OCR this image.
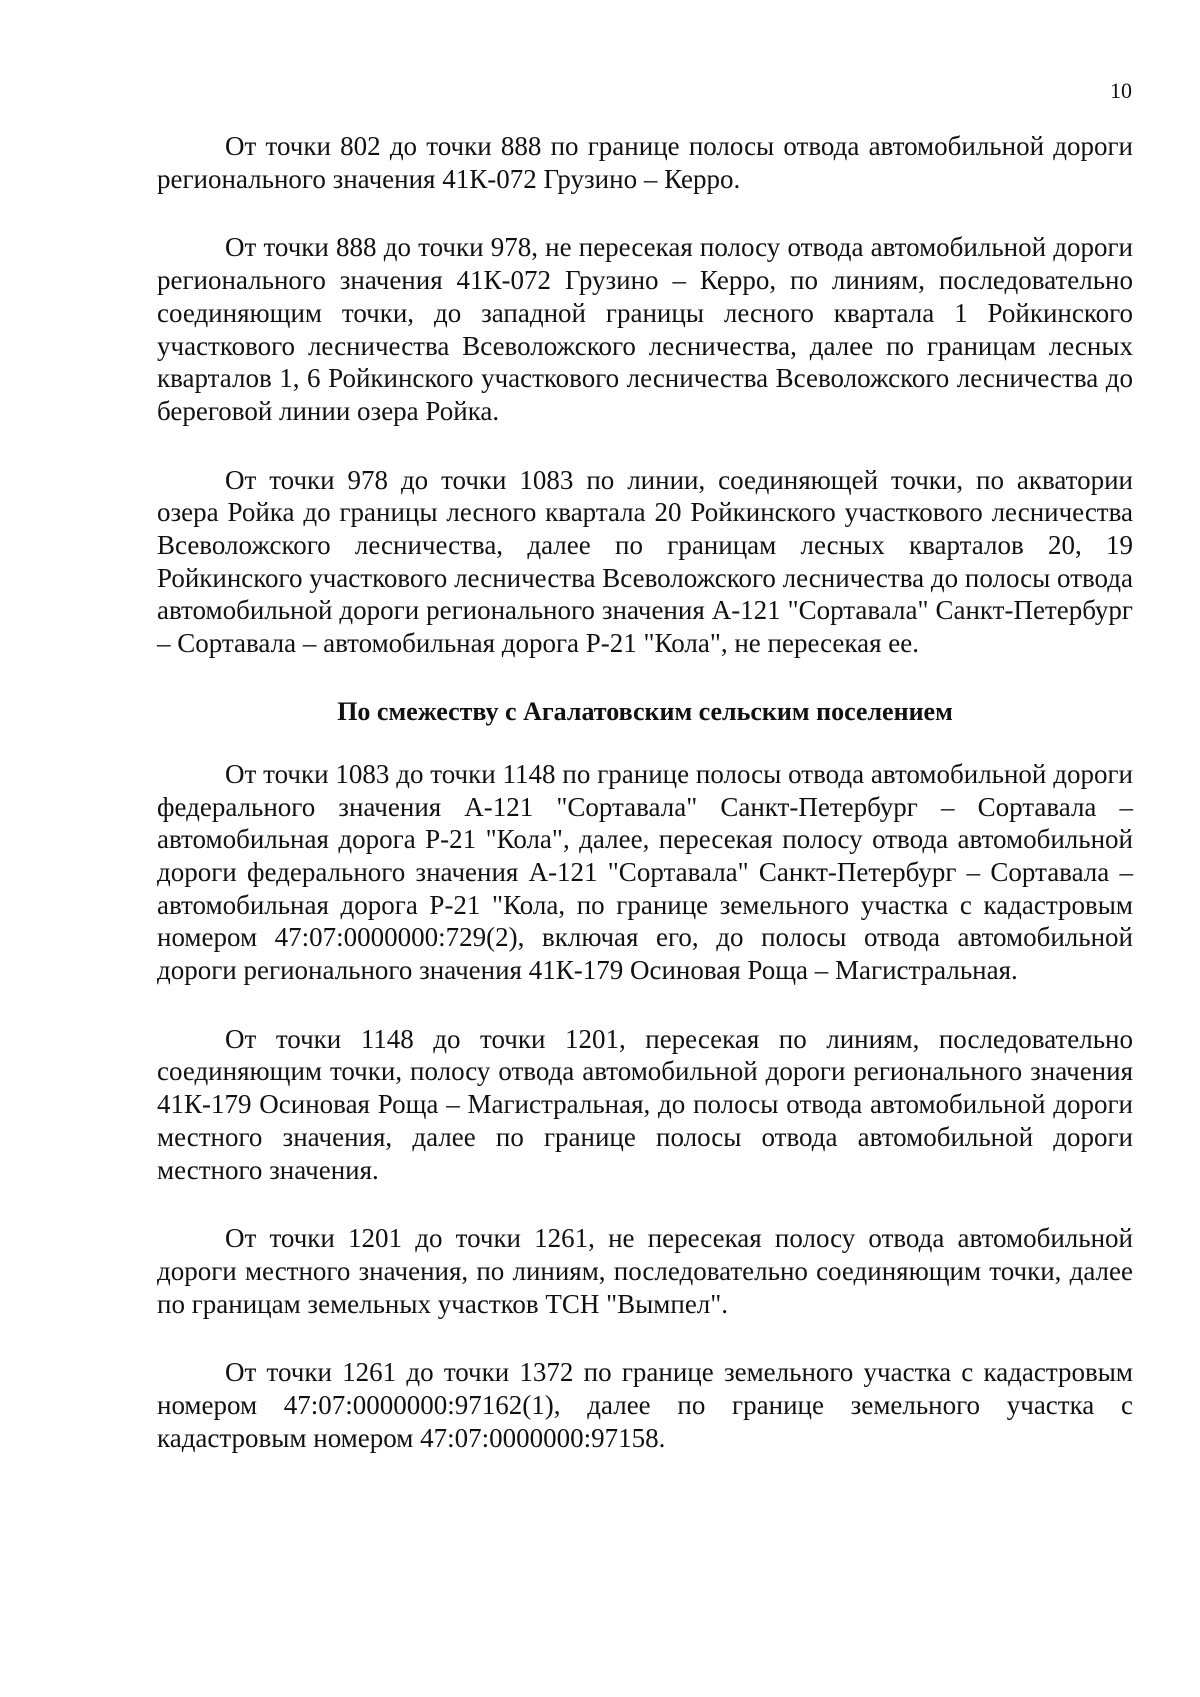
10

От точки 802 до точки 888 по границе полосы отвода автомобильной дороги регионального значения 41К-072 Грузино – Керро.

От точки 888 до точки 978, не пересекая полосу отвода автомобильной дороги регионального значения 41К-072 Грузино – Керро, по линиям, последовательно соединяющим точки, до западной границы лесного квартала 1 Ройкинского участкового лесничества Всеволожского лесничества, далее по границам лесных кварталов 1, 6 Ройкинского участкового лесничества Всеволожского лесничества до береговой линии озера Ройка.

От точки 978 до точки 1083 по линии, соединяющей точки, по акватории озера Ройка до границы лесного квартала 20 Ройкинского участкового лесничества Всеволожского лесничества, далее по границам лесных кварталов 20, 19 Ройкинского участкового лесничества Всеволожского лесничества до полосы отвода автомобильной дороги регионального значения А-121 "Сортавала" Санкт-Петербург – Сортавала – автомобильная дорога Р-21 "Кола", не пересекая ее.

По смежеству с Агалатовским сельским поселением

От точки 1083 до точки 1148 по границе полосы отвода автомобильной дороги федерального значения А-121 "Сортавала" Санкт-Петербург – Сортавала – автомобильная дорога Р-21 "Кола", далее, пересекая полосу отвода автомобильной дороги федерального значения А-121 "Сортавала" Санкт-Петербург – Сортавала – автомобильная дорога Р-21 "Кола, по границе земельного участка с кадастровым номером 47:07:0000000:729(2), включая его, до полосы отвода автомобильной дороги регионального значения 41К-179 Осиновая Роща – Магистральная.

От точки 1148 до точки 1201, пересекая по линиям, последовательно соединяющим точки, полосу отвода автомобильной дороги регионального значения 41К-179 Осиновая Роща – Магистральная, до полосы отвода автомобильной дороги местного значения, далее по границе полосы отвода автомобильной дороги местного значения.

От точки 1201 до точки 1261, не пересекая полосу отвода автомобильной дороги местного значения, по линиям, последовательно соединяющим точки, далее по границам земельных участков ТСН "Вымпел".

От точки 1261 до точки 1372 по границе земельного участка с кадастровым номером 47:07:0000000:97162(1), далее по границе земельного участка с кадастровым номером 47:07:0000000:97158.
